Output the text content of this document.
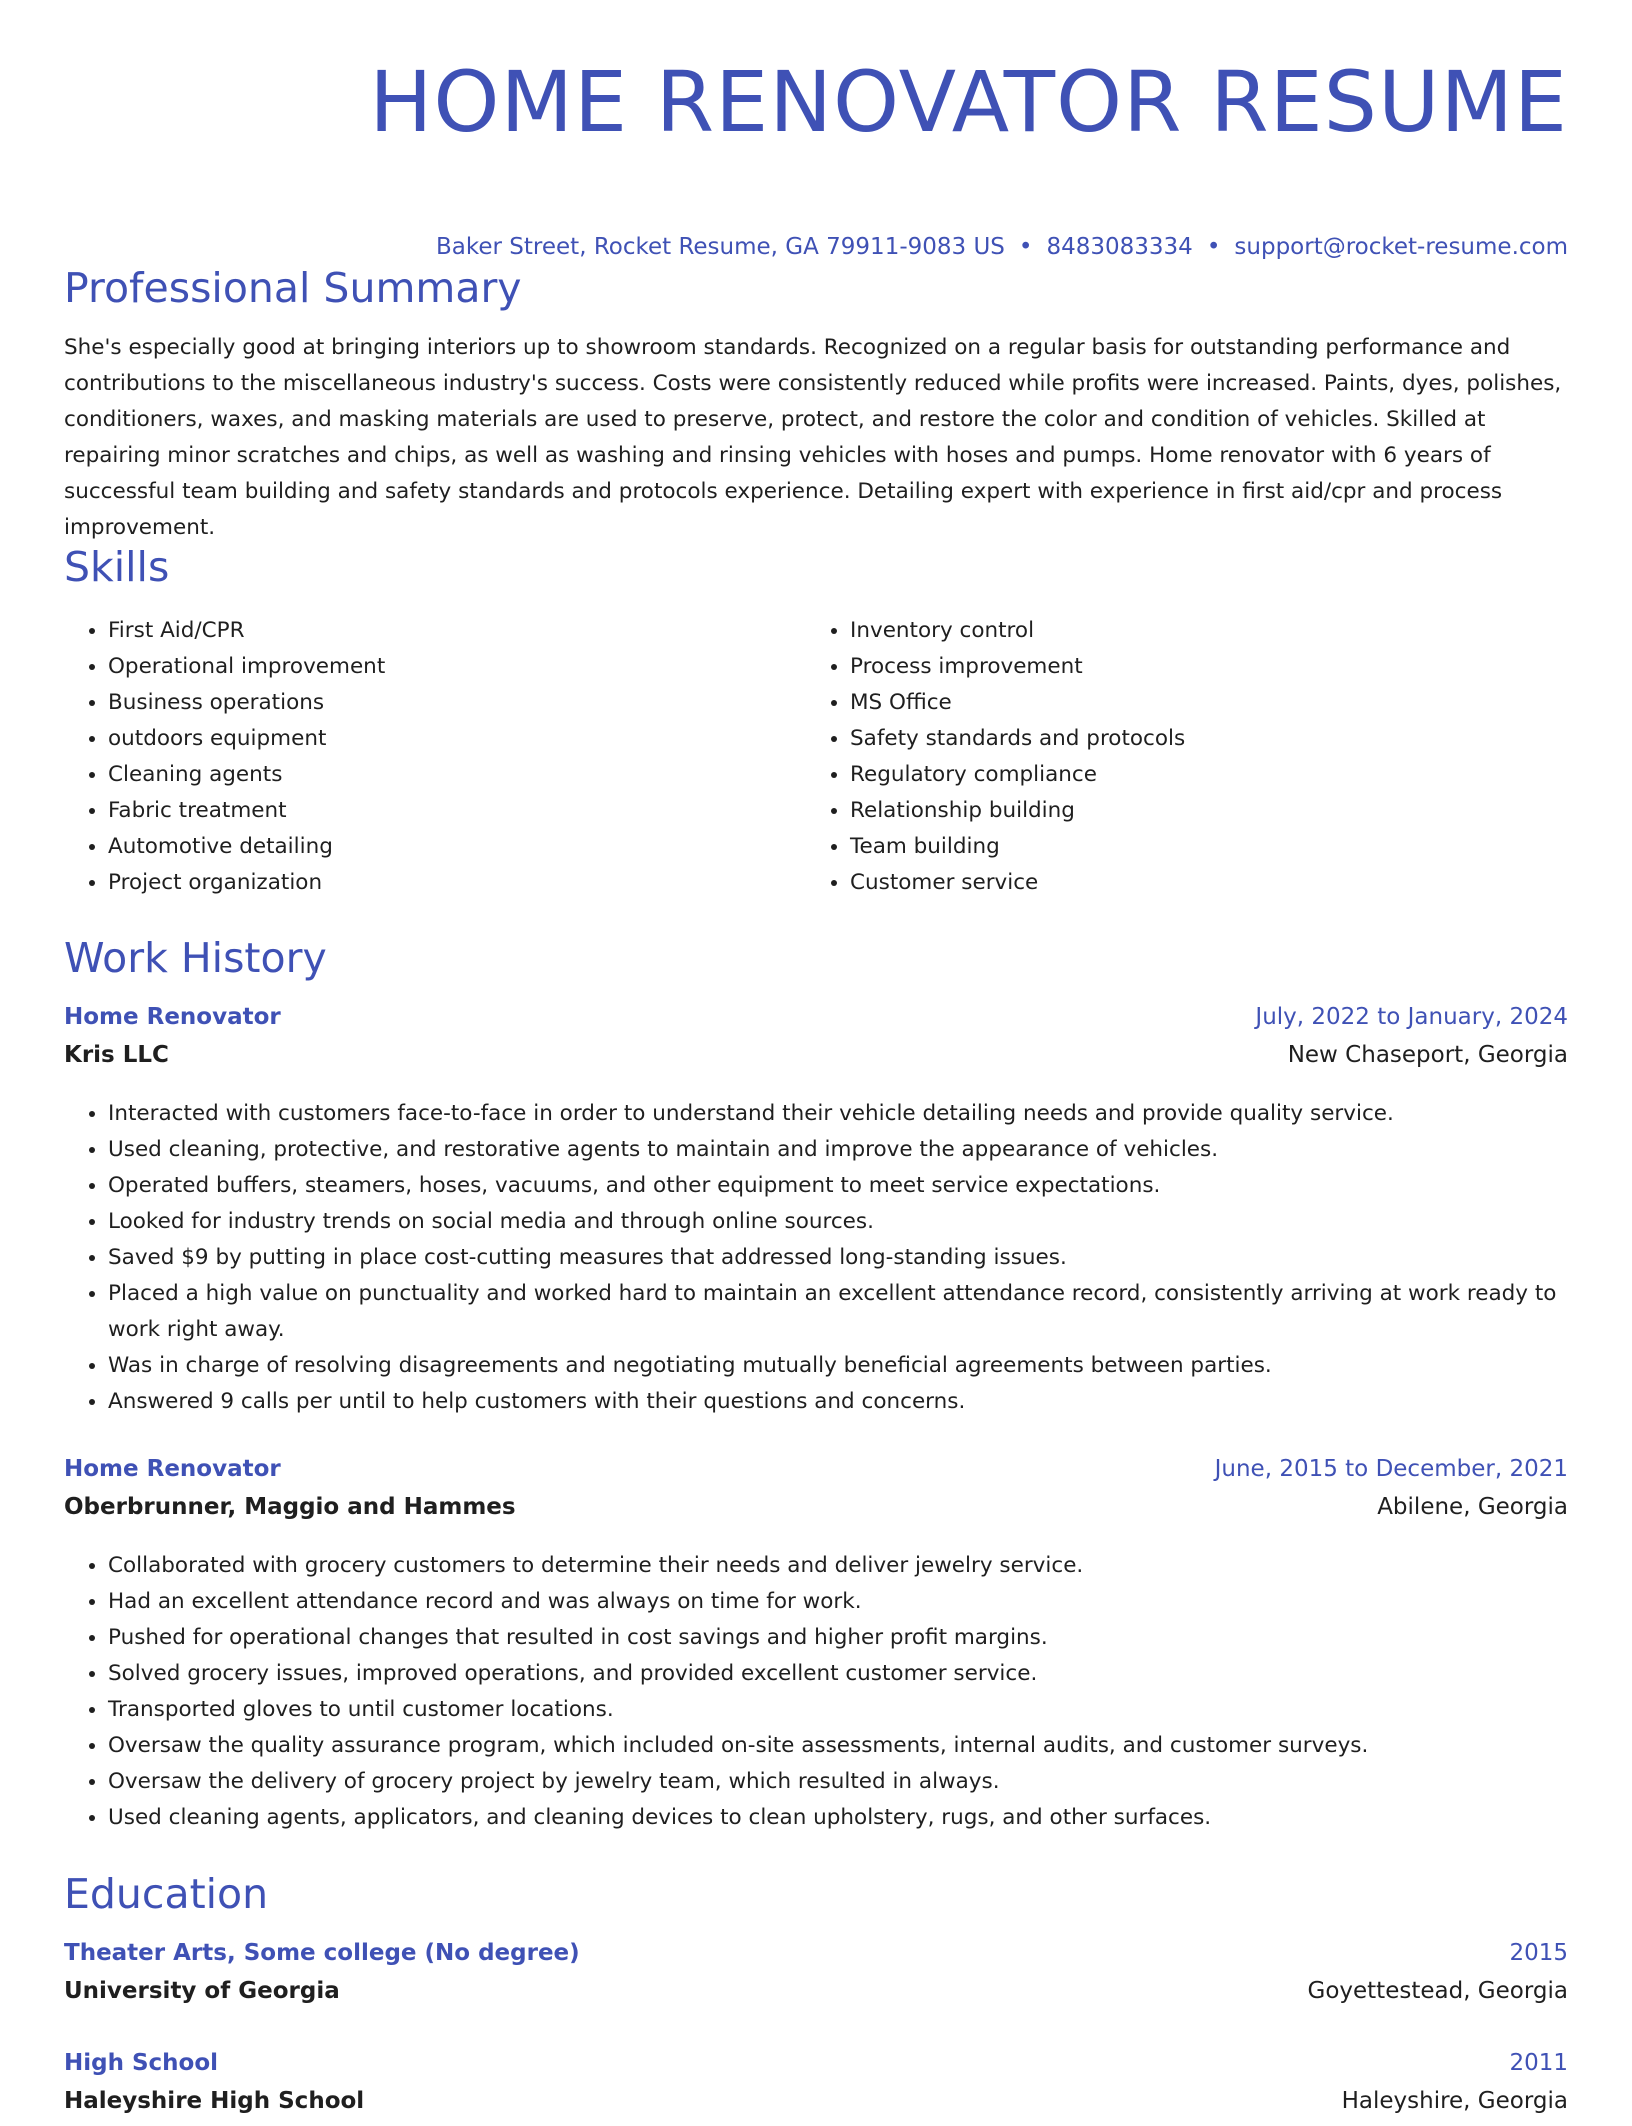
HOME RENOVATOR RESUME
Baker Street, Rocket Resume, GA 79911-9083 US • 8483083334 • support@rocket-resume.com
Professional Summary

She's especially good at bringing interiors up to showroom standards. Recognized on a regular basis for outstanding performance and contributions to the miscellaneous industry's success. Costs were consistently reduced while profits were increased. Paints, dyes, polishes, conditioners, waxes, and masking materials are used to preserve, protect, and restore the color and condition of vehicles. Skilled at repairing minor scratches and chips, as well as washing and rinsing vehicles with hoses and pumps. Home renovator with 6 years of successful team building and safety standards and protocols experience. Detailing expert with experience in first aid/cpr and process improvement.

Skills
• First Aid/CPR
• Operational improvement
• Business operations
• outdoors equipment
• Cleaning agents
• Fabric treatment
• Automotive detailing
• Project organization
• Inventory control
• Process improvement
• MS Office
• Safety standards and protocols
• Regulatory compliance
• Relationship building
• Team building
• Customer service
Work History
Home Renovator	July, 2022 to January, 2024
Kris LLC	New Chaseport, Georgia
• Interacted with customers face-to-face in order to understand their vehicle detailing needs and provide quality service.
• Used cleaning, protective, and restorative agents to maintain and improve the appearance of vehicles.
• Operated buffers, steamers, hoses, vacuums, and other equipment to meet service expectations.
• Looked for industry trends on social media and through online sources.
• Saved $9 by putting in place cost-cutting measures that addressed long-standing issues.
• Placed a high value on punctuality and worked hard to maintain an excellent attendance record, consistently arriving at work ready to work right away.
• Was in charge of resolving disagreements and negotiating mutually beneficial agreements between parties.
• Answered 9 calls per until to help customers with their questions and concerns.
Home Renovator	June, 2015 to December, 2021
Oberbrunner, Maggio and Hammes	Abilene, Georgia
• Collaborated with grocery customers to determine their needs and deliver jewelry service.
• Had an excellent attendance record and was always on time for work.
• Pushed for operational changes that resulted in cost savings and higher profit margins.
• Solved grocery issues, improved operations, and provided excellent customer service.
• Transported gloves to until customer locations.
• Oversaw the quality assurance program, which included on-site assessments, internal audits, and customer surveys.
• Oversaw the delivery of grocery project by jewelry team, which resulted in always.
• Used cleaning agents, applicators, and cleaning devices to clean upholstery, rugs, and other surfaces.
Education
Theater Arts, Some college (No degree)	2015
University of Georgia	Goyettestead, Georgia
High School	2011
Haleyshire High School	Haleyshire, Georgia
